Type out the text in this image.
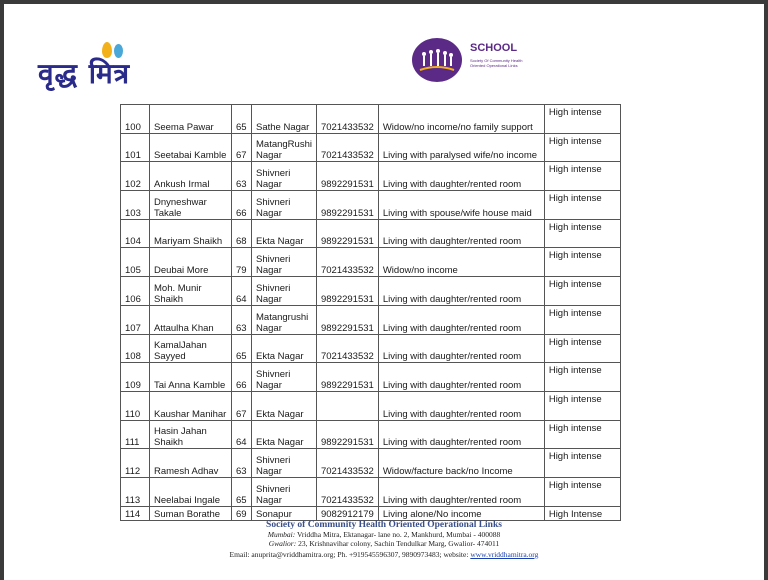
वृद्ध मित्र
SCHOOL
Society Of Community Health Oriented Operational Links
100	Seema Pawar	65	Sathe Nagar	7021433532	Widow/no income/no family support	High intense
101	Seetabai Kamble	67	MatangRushi Nagar	7021433532	Living with paralysed wife/no income	High intense
102	Ankush Irmal	63	Shivneri Nagar	9892291531	Living with daughter/rented room	High intense
103	Dnyneshwar Takale	66	Shivneri Nagar	9892291531	Living with spouse/wife house maid	High intense
104	Mariyam Shaikh	68	Ekta Nagar	9892291531	Living with daughter/rented room	High intense
105	Deubai More	79	Shivneri Nagar	7021433532	Widow/no income	High intense
106	Moh. Munir Shaikh	64	Shivneri Nagar	9892291531	Living with daughter/rented room	High intense
107	Attaulha Khan	63	Matangrushi Nagar	9892291531	Living with daughter/rented room	High intense
108	KamalJahan Sayyed	65	Ekta Nagar	7021433532	Living with daughter/rented room	High intense
109	Tai Anna Kamble	66	Shivneri Nagar	9892291531	Living with daughter/rented room	High intense
110	Kaushar Manihar	67	Ekta Nagar		Living with daughter/rented room	High intense
111	Hasin Jahan Shaikh	64	Ekta Nagar	9892291531	Living with daughter/rented room	High intense
112	Ramesh Adhav	63	Shivneri Nagar	7021433532	Widow/facture back/no Income	High intense
113	Neelabai Ingale	65	Shivneri Nagar	7021433532	Living with daughter/rented room	High intense
114	Suman Borathe	69	Sonapur	9082912179	Living alone/No income	High Intense
Society of Community Health Oriented Operational Links
Mumbai: Vriddha Mitra, Ektanagar- lane no. 2, Mankhurd, Mumbai - 400088
Gwalior: 23, Krishnavihar colony, Sachin Tendulkar Marg, Gwalior- 474011
Email: anuprita@vriddhamitra.org; Ph. +919545596307, 9890973483; website: www.vriddhamitra.org
